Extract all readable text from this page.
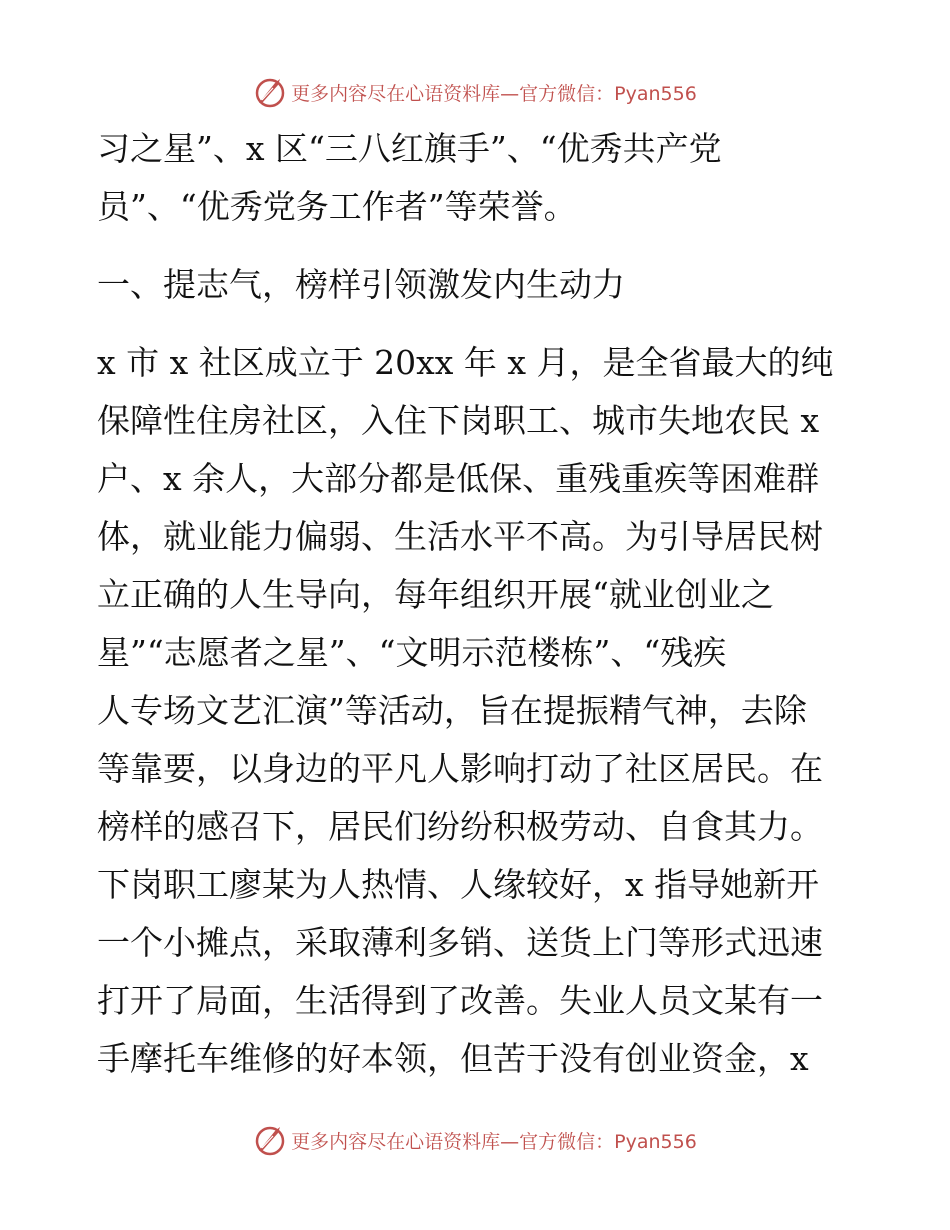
更多内容尽在心语资料库—官方微信：Pyan556
习之星”、x 区“三八红旗手”、“优秀共产党
员”、“优秀党务工作者”等荣誉。
一、提志气，榜样引领激发内生动力
x 市 x 社区成立于 20xx 年 x 月，是全省最大的纯
保障性住房社区，入住下岗职工、城市失地农民 x
户、x 余人，大部分都是低保、重残重疾等困难群
体，就业能力偏弱、生活水平不高。为引导居民树
立正确的人生导向，每年组织开展“就业创业之
星”“志愿者之星”、“文明示范楼栋”、“残疾
人专场文艺汇演”等活动，旨在提振精气神，去除
等靠要，以身边的平凡人影响打动了社区居民。在
榜样的感召下，居民们纷纷积极劳动、自食其力。
下岗职工廖某为人热情、人缘较好，x 指导她新开
一个小摊点，采取薄利多销、送货上门等形式迅速
打开了局面，生活得到了改善。失业人员文某有一
手摩托车维修的好本领，但苦于没有创业资金，x
更多内容尽在心语资料库—官方微信：Pyan556
